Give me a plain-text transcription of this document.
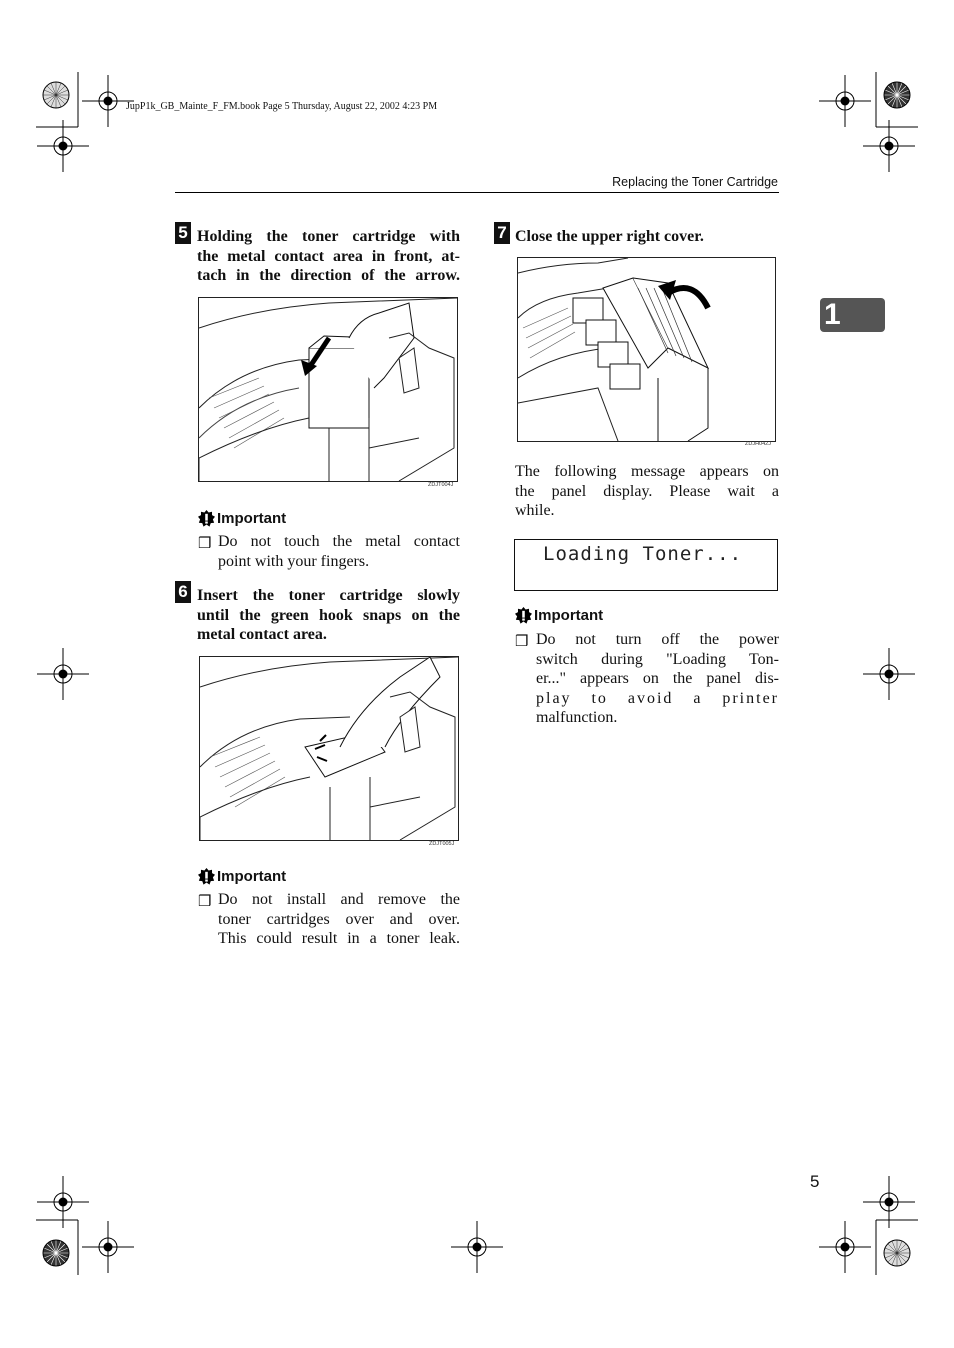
JupP1k_GB_Mainte_F_FM.book Page 5 Thursday, August 22, 2002 4:23 PM
Replacing the Toner Cartridge
1
5 Holding the toner cartridge with
the metal contact area in front, at-
tach in the direction of the arrow.
ZDJT004J
Important
❒ Do not touch the metal contact
point with your fingers.
6 Insert the toner cartridge slowly
until the green hook snaps on the
metal contact area.
ZDJT005J
Important
❒ Do not install and remove the
toner cartridges over and over.
This could result in a toner leak.
7 Close the upper right cover.
ZDJH042J
The following message appears on
the panel display. Please wait a
while.
Loading Toner...
Important
❒ Do not turn off the power
switch during "Loading Ton-
er..." appears on the panel dis-
play to avoid a printer
malfunction.
5
